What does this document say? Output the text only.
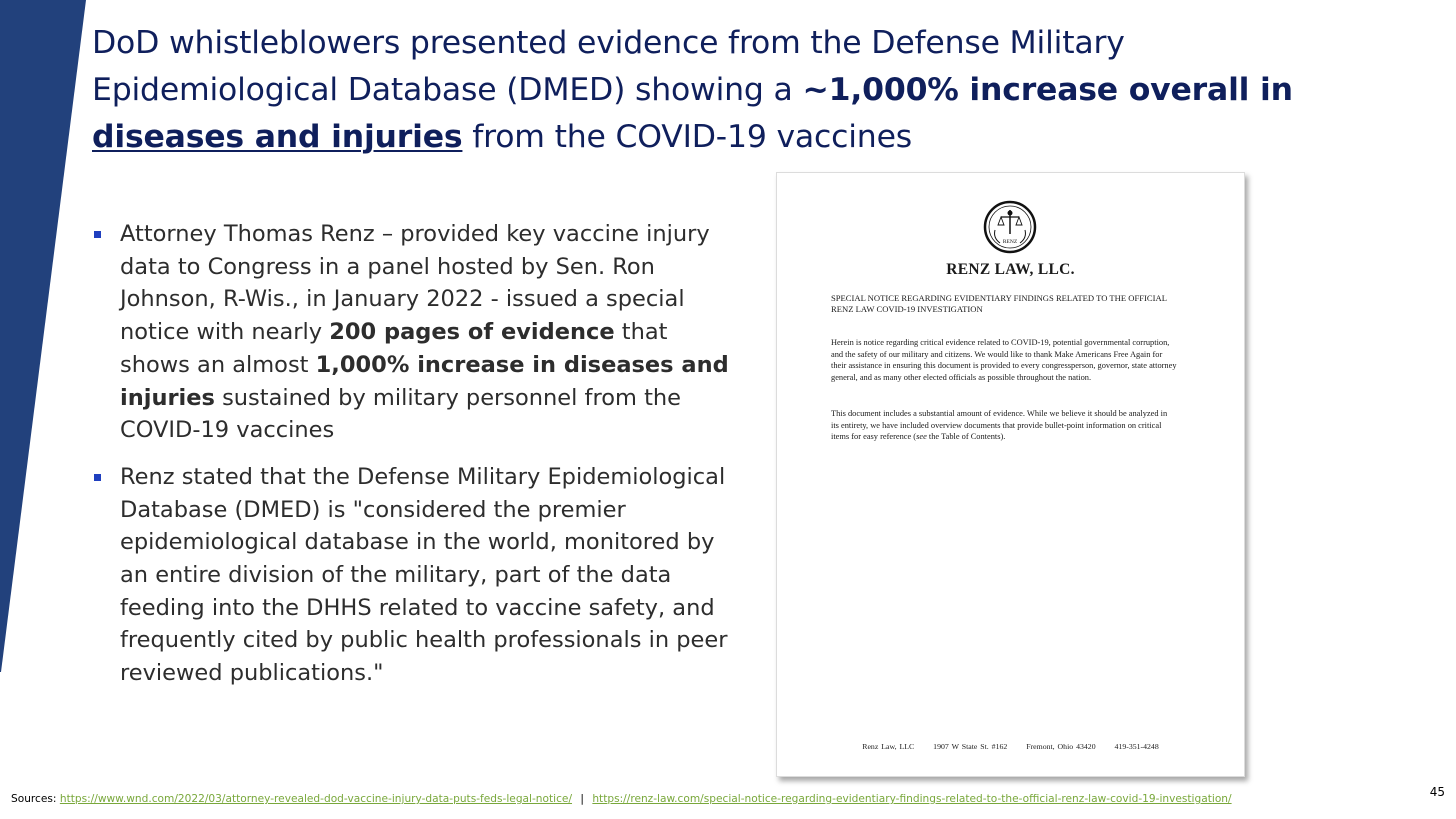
DoD whistleblowers presented evidence from the Defense Military Epidemiological Database (DMED) showing a ~1,000% increase overall in diseases and injuries from the COVID-19 vaccines
Attorney Thomas Renz – provided key vaccine injury data to Congress in a panel hosted by Sen. Ron Johnson, R-Wis., in January 2022 - issued a special notice with nearly 200 pages of evidence that shows an almost 1,000% increase in diseases and injuries sustained by military personnel from the COVID-19 vaccines
Renz stated that the Defense Military Epidemiological Database (DMED) is "considered the premier epidemiological database in the world, monitored by an entire division of the military, part of the data feeding into the DHHS related to vaccine safety, and frequently cited by public health professionals in peer reviewed publications."
RENZ
RENZ LAW, LLC.
SPECIAL NOTICE REGARDING EVIDENTIARY FINDINGS RELATED TO THE OFFICIAL RENZ LAW COVID-19 INVESTIGATION
Herein is notice regarding critical evidence related to COVID-19, potential governmental corruption, and the safety of our military and citizens. We would like to thank Make Americans Free Again for their assistance in ensuring this document is provided to every congressperson, governor, state attorney general, and as many other elected officials as possible throughout the nation.
This document includes a substantial amount of evidence. While we believe it should be analyzed in its entirety, we have included overview documents that provide bullet-point information on critical items for easy reference (see the Table of Contents).
Renz Law, LLC 1907 W State St. #162 Fremont, Ohio 43420 419-351-4248
Sources: https://www.wnd.com/2022/03/attorney-revealed-dod-vaccine-injury-data-puts-feds-legal-notice/ | https://renz-law.com/special-notice-regarding-evidentiary-findings-related-to-the-official-renz-law-covid-19-investigation/	45
